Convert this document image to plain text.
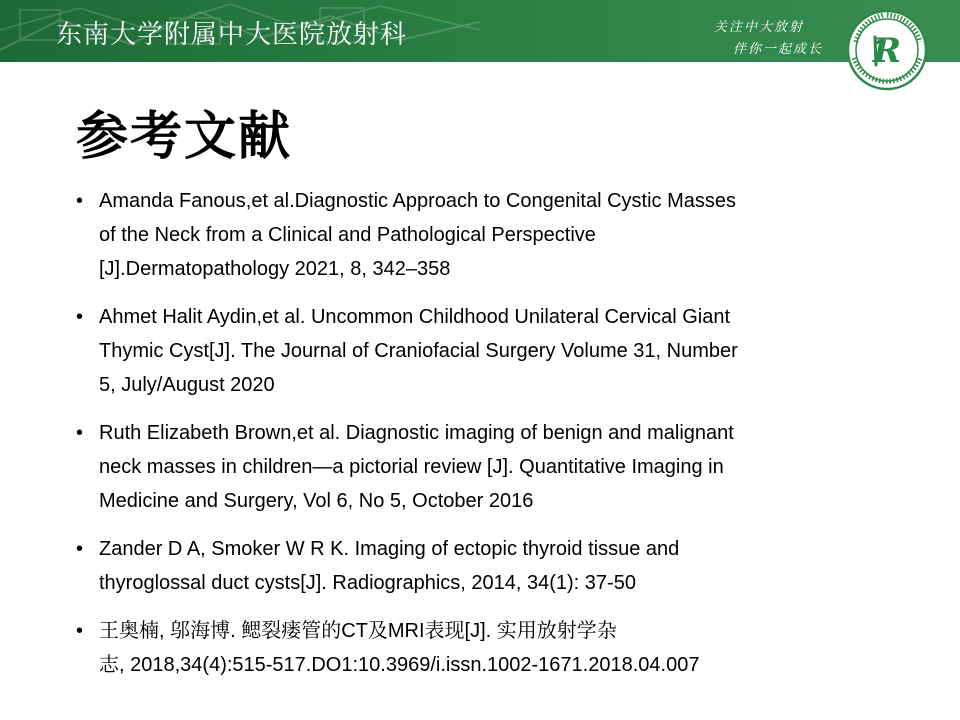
东南大学附属中大医院放射科	关注中大放射
伴你一起成长 R
参考文献
• Amanda Fanous,et al.Diagnostic Approach to Congenital Cystic Masses
of the Neck from a Clinical and Pathological Perspective
[J].Dermatopathology 2021, 8, 342–358
• Ahmet Halit Aydin,et al. Uncommon Childhood Unilateral Cervical Giant
Thymic Cyst[J]. The Journal of Craniofacial Surgery Volume 31, Number
5, July/August 2020
• Ruth Elizabeth Brown,et al. Diagnostic imaging of benign and malignant
neck masses in children—a pictorial review [J]. Quantitative Imaging in
Medicine and Surgery, Vol 6, No 5, October 2016
• Zander D A, Smoker W R K. Imaging of ectopic thyroid tissue and
thyroglossal duct cysts[J]. Radiographics, 2014, 34(1): 37-50
• 王奥楠, 邬海博. 鳃裂瘘管的CT及MRI表现[J]. 实用放射学杂
志, 2018,34(4):515-517.DO1:10.3969/i.issn.1002-1671.2018.04.007
